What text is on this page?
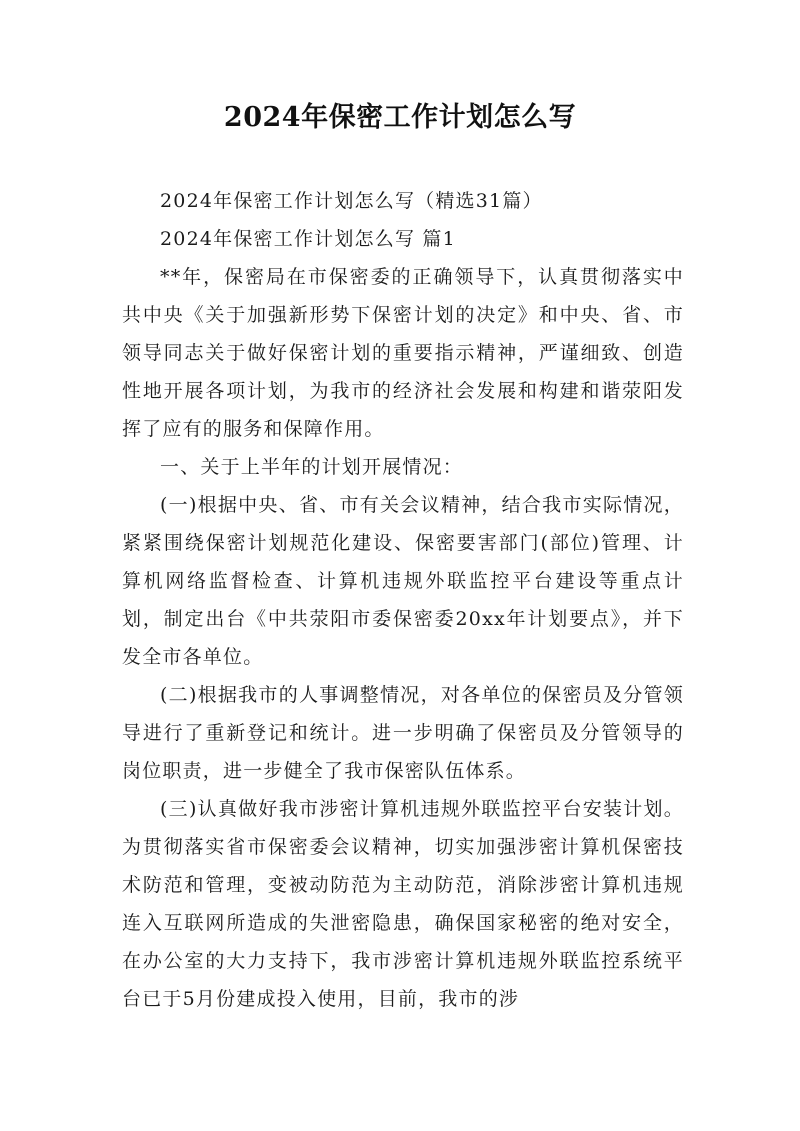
2024年保密工作计划怎么写

2024年保密工作计划怎么写（精选31篇）

2024年保密工作计划怎么写 篇1

**年，保密局在市保密委的正确领导下，认真贯彻落实中共中央《关于加强新形势下保密计划的决定》和中央、省、市领导同志关于做好保密计划的重要指示精神，严谨细致、创造性地开展各项计划，为我市的经济社会发展和构建和谐荥阳发挥了应有的服务和保障作用。

一、关于上半年的计划开展情况：

(一)根据中央、省、市有关会议精神，结合我市实际情况，紧紧围绕保密计划规范化建设、保密要害部门(部位)管理、计算机网络监督检查、计算机违规外联监控平台建设等重点计划，制定出台《中共荥阳市委保密委20xx年计划要点》，并下发全市各单位。

(二)根据我市的人事调整情况，对各单位的保密员及分管领导进行了重新登记和统计。进一步明确了保密员及分管领导的岗位职责，进一步健全了我市保密队伍体系。

(三)认真做好我市涉密计算机违规外联监控平台安装计划。为贯彻落实省市保密委会议精神，切实加强涉密计算机保密技术防范和管理，变被动防范为主动防范，消除涉密计算机违规连入互联网所造成的失泄密隐患，确保国家秘密的绝对安全，在办公室的大力支持下，我市涉密计算机违规外联监控系统平台已于5月份建成投入使用，目前，我市的涉
